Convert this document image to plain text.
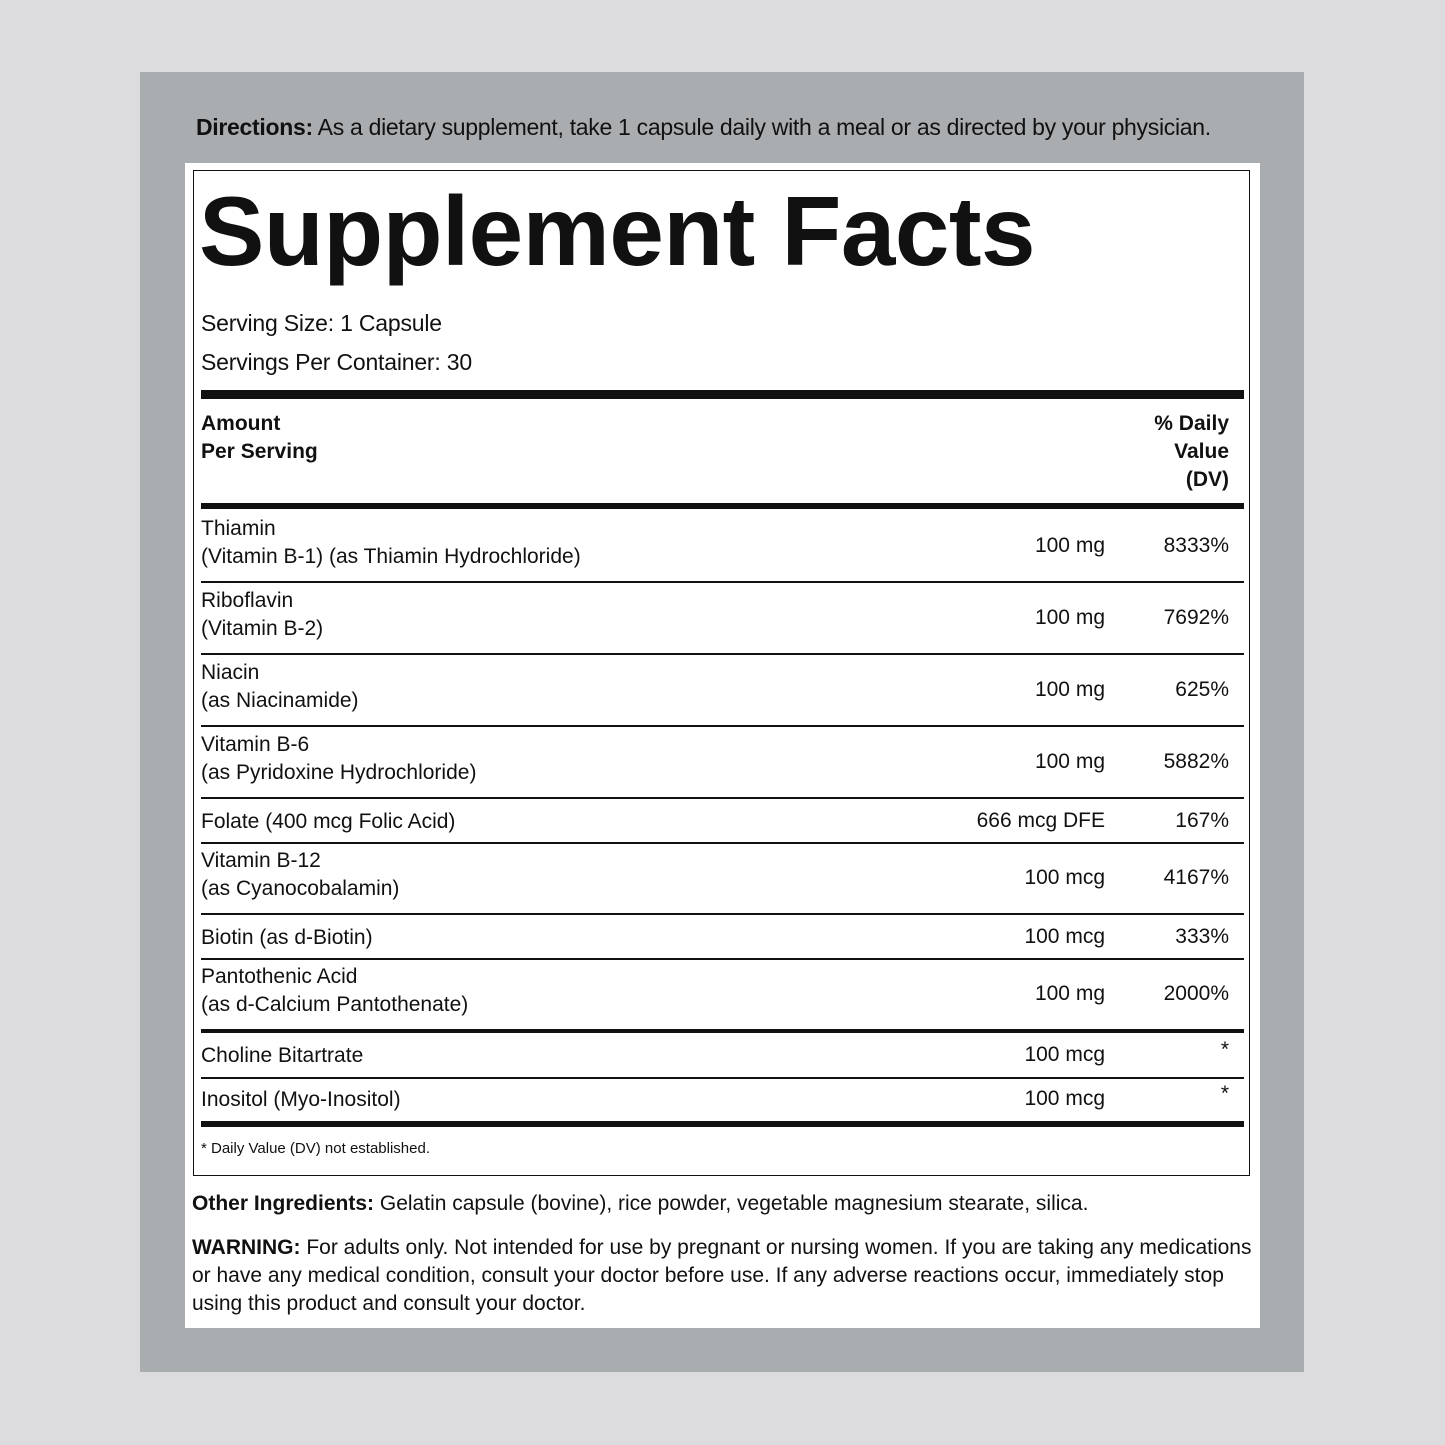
Directions: As a dietary supplement, take 1 capsule daily with a meal or as directed by your physician.
Supplement Facts
Serving Size: 1 Capsule
Servings Per Container: 30
Amount
Per Serving
% Daily
Value
(DV)
Thiamin
(Vitamin B-1) (as Thiamin Hydrochloride)	100 mg	8333%
Riboflavin
(Vitamin B-2)	100 mg	7692%
Niacin
(as Niacinamide)	100 mg	625%
Vitamin B-6
(as Pyridoxine Hydrochloride)	100 mg	5882%
Folate (400 mcg Folic Acid)	666 mcg DFE	167%
Vitamin B-12
(as Cyanocobalamin)	100 mcg	4167%
Biotin (as d-Biotin)	100 mcg	333%
Pantothenic Acid
(as d-Calcium Pantothenate)	100 mg	2000%
Choline Bitartrate	100 mcg	*
Inositol (Myo-Inositol)	100 mcg	*
* Daily Value (DV) not established.
Other Ingredients: Gelatin capsule (bovine), rice powder, vegetable magnesium stearate, silica.
WARNING: For adults only. Not intended for use by pregnant or nursing women. If you are taking any medications or have any medical condition, consult your doctor before use. If any adverse reactions occur, immediately stop using this product and consult your doctor.
